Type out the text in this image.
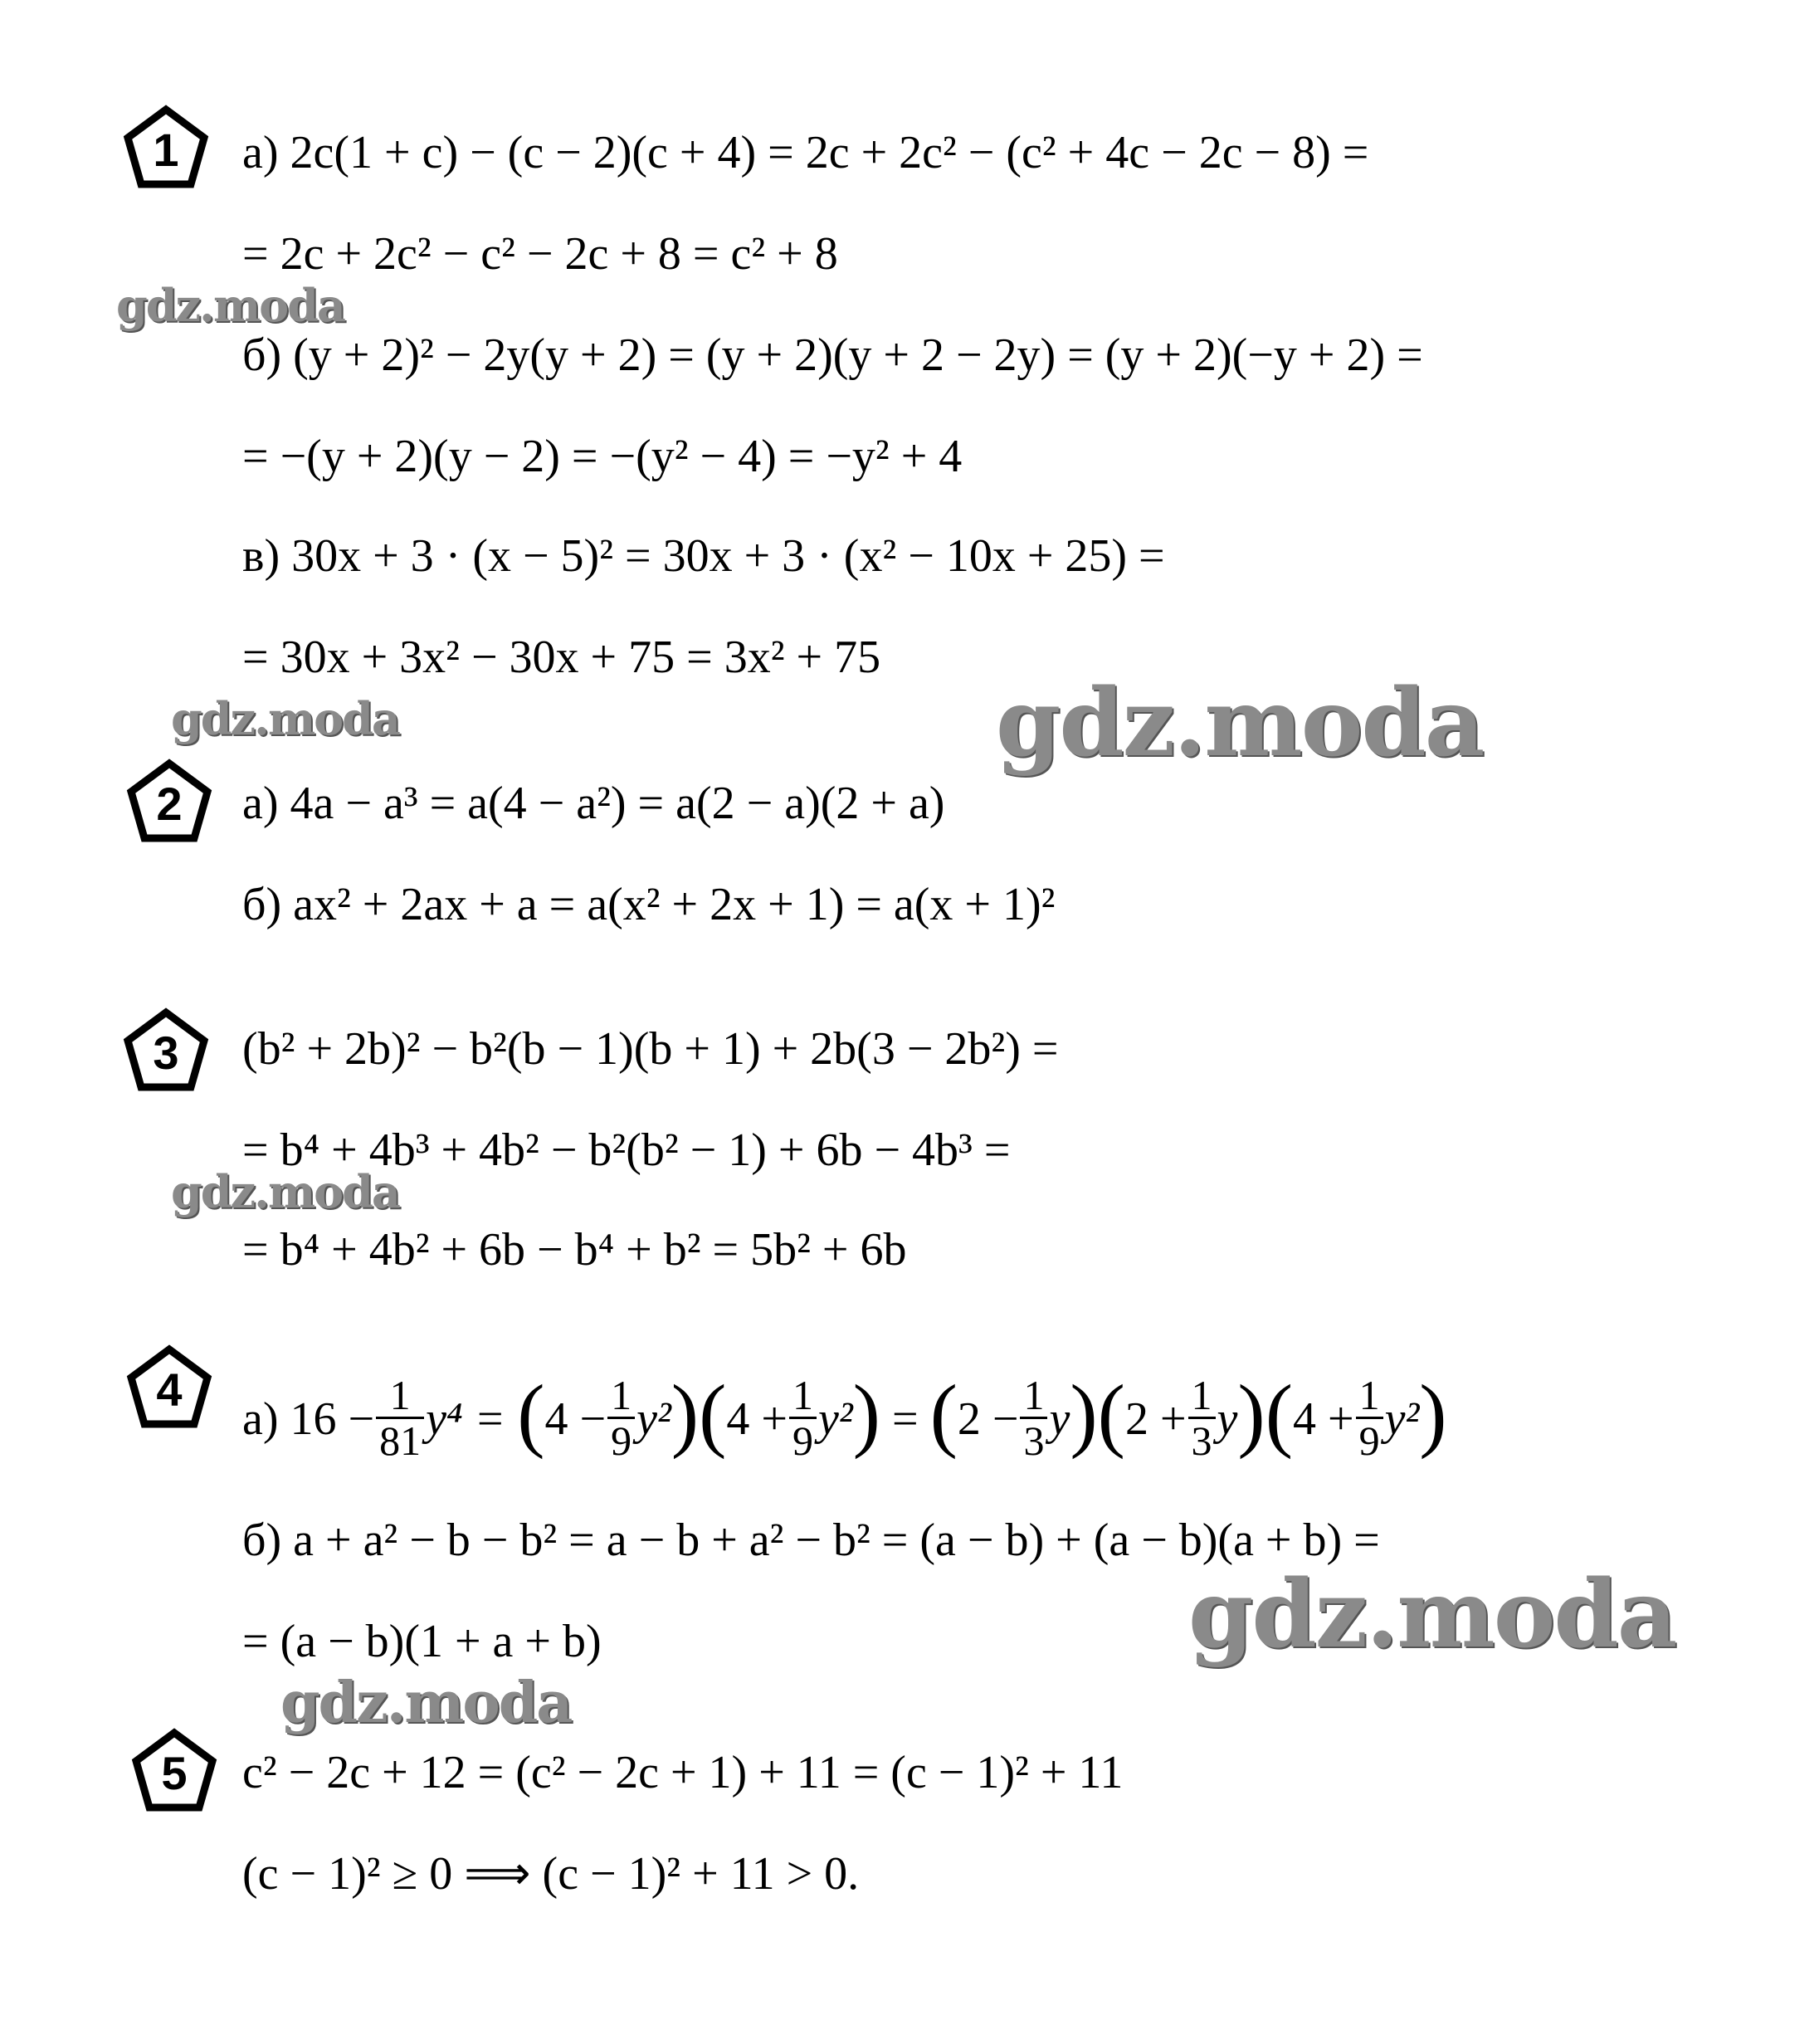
1
2
3
4
5
а) 2c(1 + c) − (c − 2)(c + 4) = 2c + 2c² − (c² + 4c − 2c − 8) =
= 2c + 2c² − c² − 2c + 8 = c² + 8
б) (y + 2)² − 2y(y + 2) = (y + 2)(y + 2 − 2y) = (y + 2)(−y + 2) =
= −(y + 2)(y − 2) = −(y² − 4) = −y² + 4
в) 30x + 3 · (x − 5)² = 30x + 3 · (x² − 10x + 25) =
= 30x + 3x² − 30x + 75 = 3x² + 75
а) 4a − a³ = a(4 − a²) = a(2 − a)(2 + a)
б) ax² + 2ax + a = a(x² + 2x + 1) = a(x + 1)²
(b² + 2b)² − b²(b − 1)(b + 1) + 2b(3 − 2b²) =
= b⁴ + 4b³ + 4b² − b²(b² − 1) + 6b − 4b³ =
= b⁴ + 4b² + 6b − b⁴ + b² = 5b² + 6b
а) $16 - \frac{1}{81} y^4$ =
( $4 - \frac{1}{9} y^2$ ) ( $4 + \frac{1}{9} y^2$ )
=
( $2 - \frac{1}{3}$ y ) ( $2 + \frac{1}{3}$ y ) ( $4 + \frac{1}{9} y^2$ )
б) a + a² − b − b² = a − b + a² − b² = (a − b) + (a − b)(a + b) =
= (a − b)(1 + a + b)
c² − 2c + 12 = (c² − 2c + 1) + 11 = (c − 1)² + 11
(c − 1)² ≥ 0 ⟹ (c − 1)² + 11 > 0.
gdz.moda
gdz.moda	gdz.moda
gdz.moda
gdz.moda
gdz.moda
